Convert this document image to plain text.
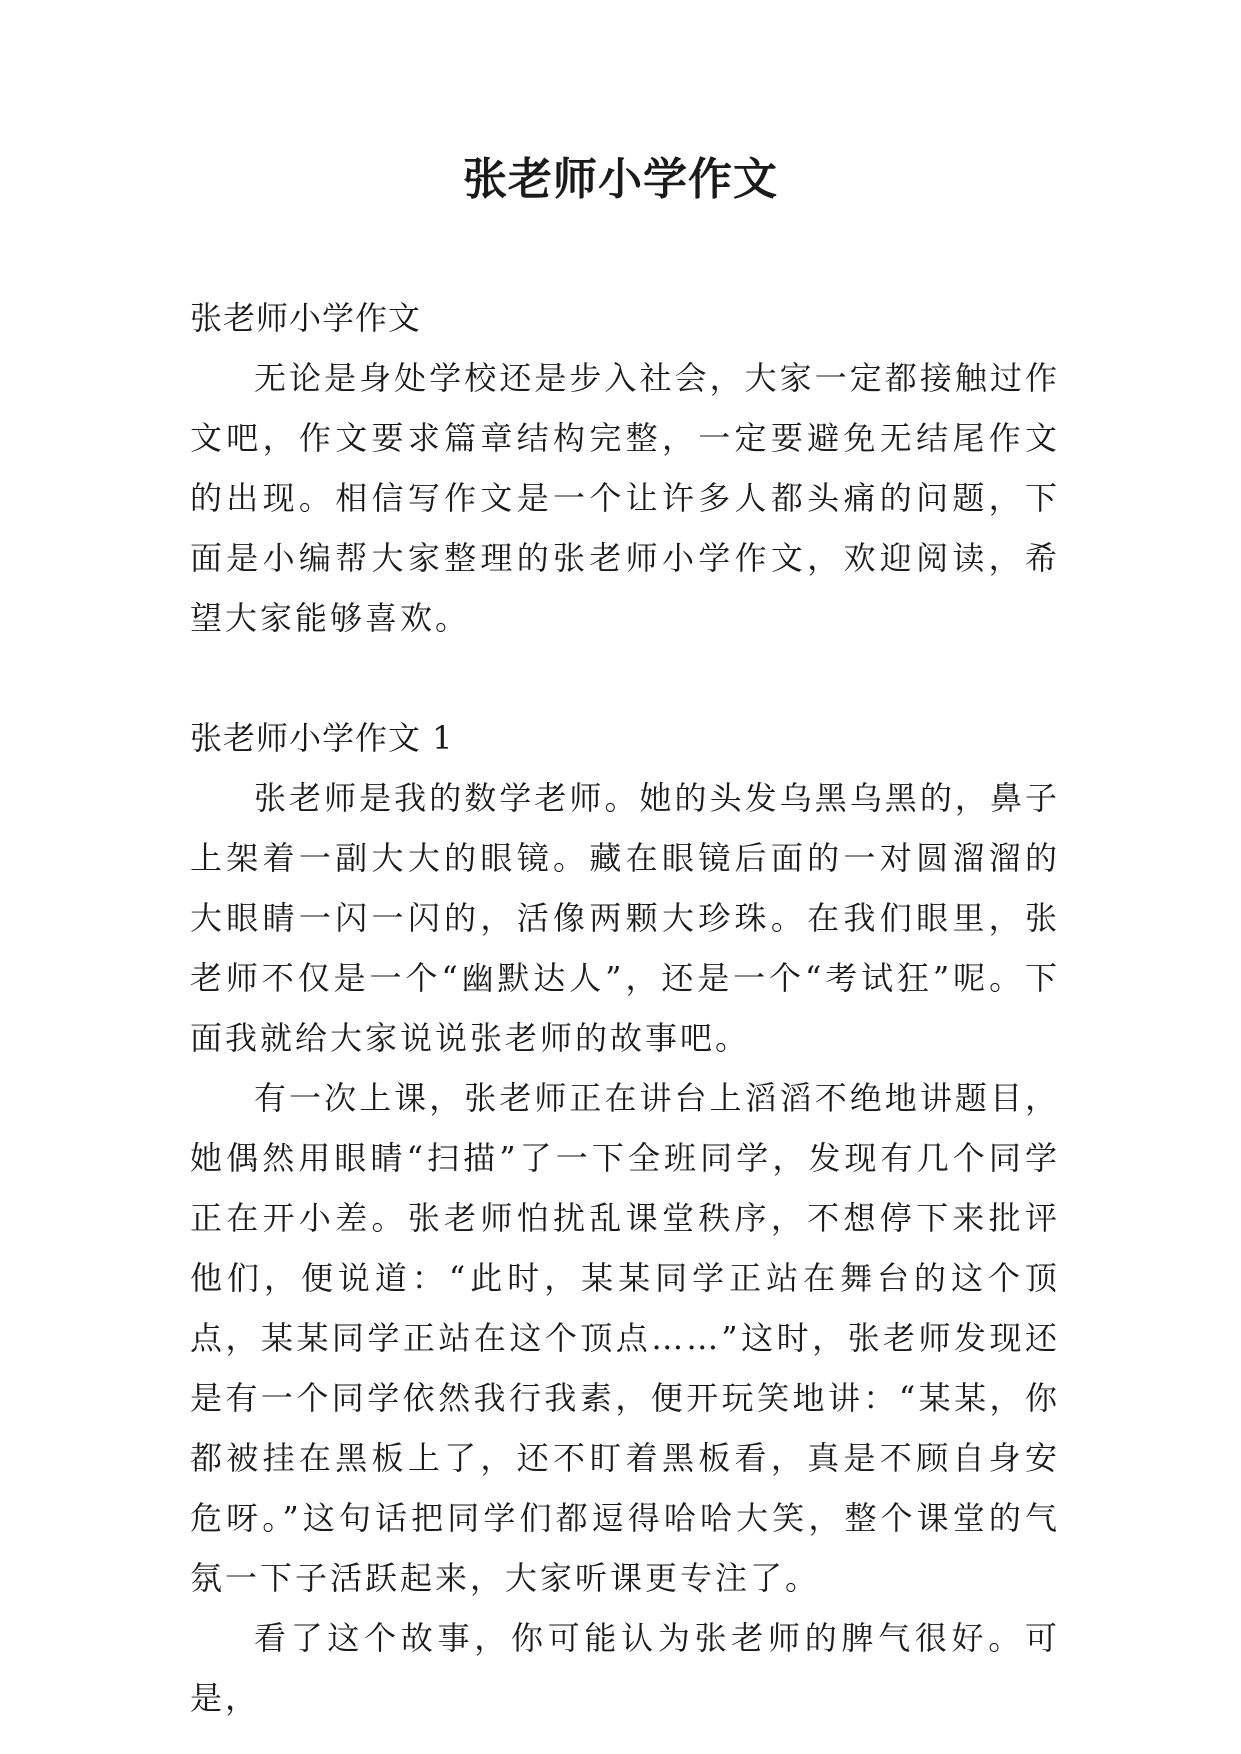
张老师小学作文

张老师小学作文

无论是身处学校还是步入社会，大家一定都接触过作文吧，作文要求篇章结构完整，一定要避免无结尾作文的出现。相信写作文是一个让许多人都头痛的问题，下面是小编帮大家整理的张老师小学作文，欢迎阅读，希望大家能够喜欢。

张老师小学作文 1

张老师是我的数学老师。她的头发乌黑乌黑的，鼻子上架着一副大大的眼镜。藏在眼镜后面的一对圆溜溜的大眼睛一闪一闪的，活像两颗大珍珠。在我们眼里，张老师不仅是一个“幽默达人”，还是一个“考试狂”呢。下面我就给大家说说张老师的故事吧。

有一次上课，张老师正在讲台上滔滔不绝地讲题目，她偶然用眼睛“扫描”了一下全班同学，发现有几个同学正在开小差。张老师怕扰乱课堂秩序，不想停下来批评他们，便说道：“此时，某某同学正站在舞台的这个顶点，某某同学正站在这个顶点……”这时，张老师发现还是有一个同学依然我行我素，便开玩笑地讲：“某某，你都被挂在黑板上了，还不盯着黑板看，真是不顾自身安危呀。”这句话把同学们都逗得哈哈大笑，整个课堂的气氛一下子活跃起来，大家听课更专注了。

看了这个故事，你可能认为张老师的脾气很好。可是，
